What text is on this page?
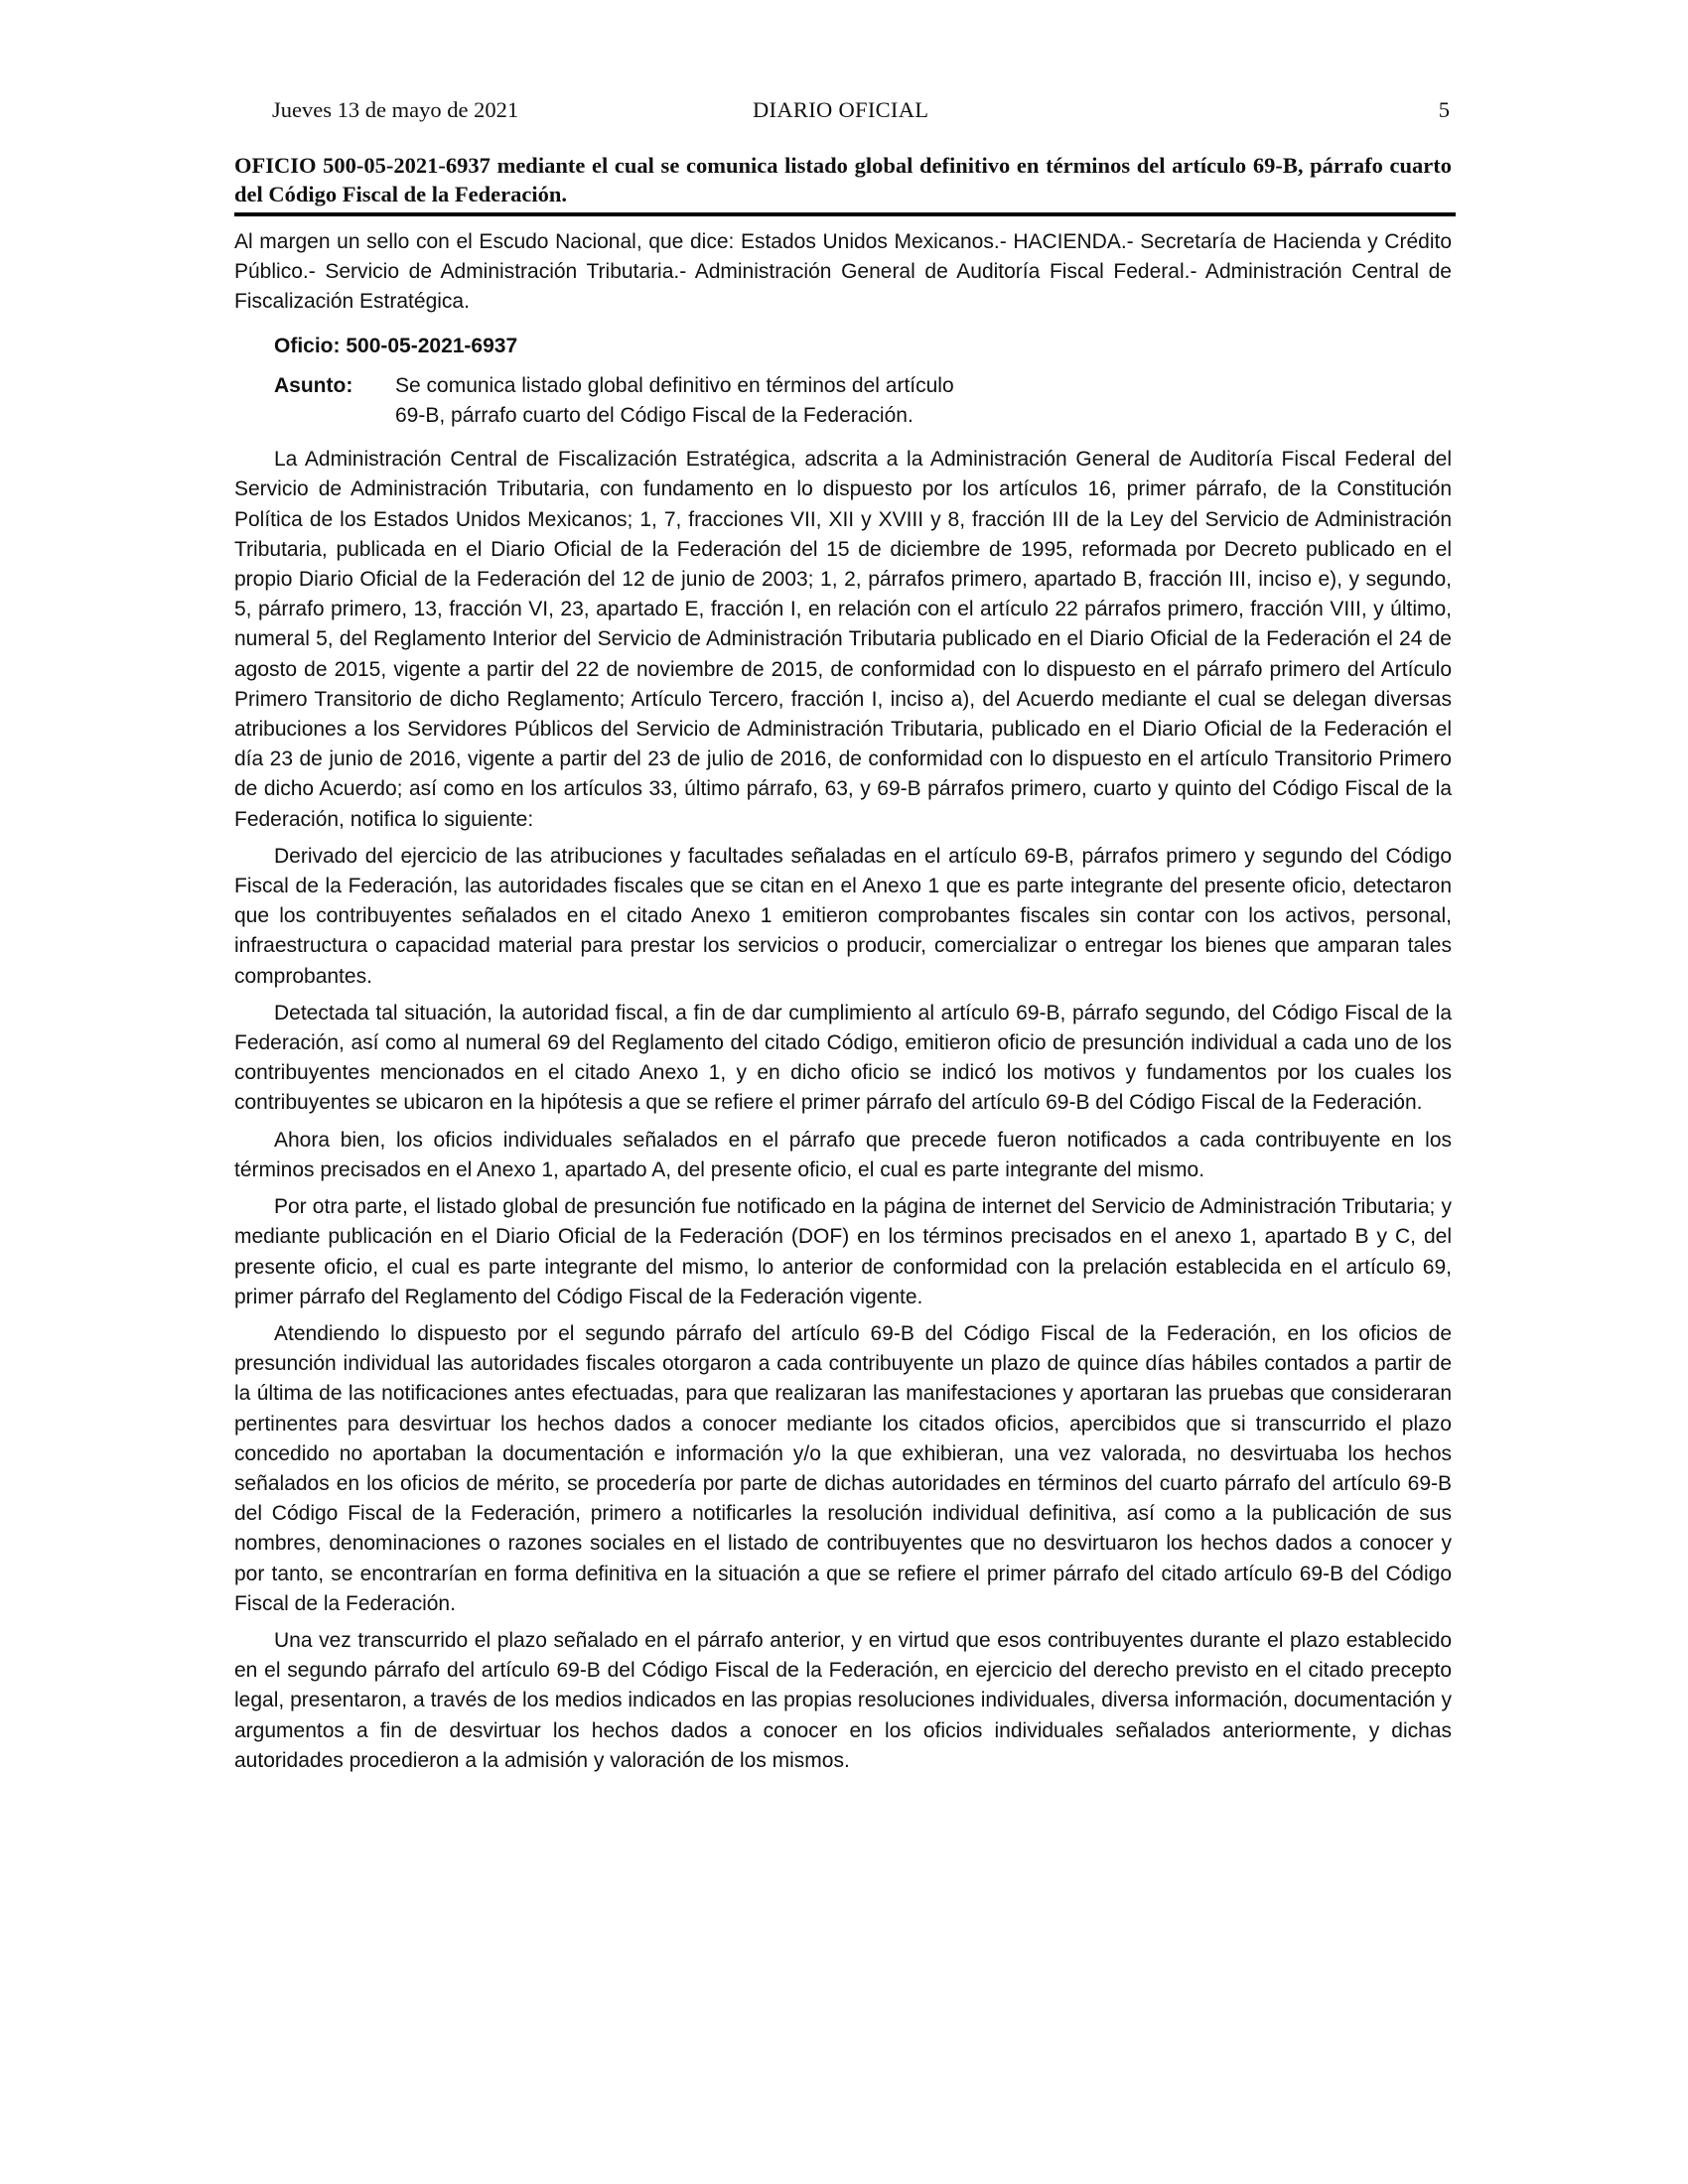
Jueves 13 de mayo de 2021	DIARIO OFICIAL	5
OFICIO 500-05-2021-6937 mediante el cual se comunica listado global definitivo en términos del artículo 69-B, párrafo cuarto del Código Fiscal de la Federación.
Al margen un sello con el Escudo Nacional, que dice: Estados Unidos Mexicanos.- HACIENDA.- Secretaría de Hacienda y Crédito Público.- Servicio de Administración Tributaria.- Administración General de Auditoría Fiscal Federal.- Administración Central de Fiscalización Estratégica.
Oficio: 500-05-2021-6937
Asunto:	Se comunica listado global definitivo en términos del artículo 69-B, párrafo cuarto del Código Fiscal de la Federación.
La Administración Central de Fiscalización Estratégica, adscrita a la Administración General de Auditoría Fiscal Federal del Servicio de Administración Tributaria, con fundamento en lo dispuesto por los artículos 16, primer párrafo, de la Constitución Política de los Estados Unidos Mexicanos; 1, 7, fracciones VII, XII y XVIII y 8, fracción III de la Ley del Servicio de Administración Tributaria, publicada en el Diario Oficial de la Federación del 15 de diciembre de 1995, reformada por Decreto publicado en el propio Diario Oficial de la Federación del 12 de junio de 2003; 1, 2, párrafos primero, apartado B, fracción III, inciso e), y segundo, 5, párrafo primero, 13, fracción VI, 23, apartado E, fracción I, en relación con el artículo 22 párrafos primero, fracción VIII, y último, numeral 5, del Reglamento Interior del Servicio de Administración Tributaria publicado en el Diario Oficial de la Federación el 24 de agosto de 2015, vigente a partir del 22 de noviembre de 2015, de conformidad con lo dispuesto en el párrafo primero del Artículo Primero Transitorio de dicho Reglamento; Artículo Tercero, fracción I, inciso a), del Acuerdo mediante el cual se delegan diversas atribuciones a los Servidores Públicos del Servicio de Administración Tributaria, publicado en el Diario Oficial de la Federación el día 23 de junio de 2016, vigente a partir del 23 de julio de 2016, de conformidad con lo dispuesto en el artículo Transitorio Primero de dicho Acuerdo; así como en los artículos 33, último párrafo, 63, y 69-B párrafos primero, cuarto y quinto del Código Fiscal de la Federación, notifica lo siguiente:
Derivado del ejercicio de las atribuciones y facultades señaladas en el artículo 69-B, párrafos primero y segundo del Código Fiscal de la Federación, las autoridades fiscales que se citan en el Anexo 1 que es parte integrante del presente oficio, detectaron que los contribuyentes señalados en el citado Anexo 1 emitieron comprobantes fiscales sin contar con los activos, personal, infraestructura o capacidad material para prestar los servicios o producir, comercializar o entregar los bienes que amparan tales comprobantes.
Detectada tal situación, la autoridad fiscal, a fin de dar cumplimiento al artículo 69-B, párrafo segundo, del Código Fiscal de la Federación, así como al numeral 69 del Reglamento del citado Código, emitieron oficio de presunción individual a cada uno de los contribuyentes mencionados en el citado Anexo 1, y en dicho oficio se indicó los motivos y fundamentos por los cuales los contribuyentes se ubicaron en la hipótesis a que se refiere el primer párrafo del artículo 69-B del Código Fiscal de la Federación.
Ahora bien, los oficios individuales señalados en el párrafo que precede fueron notificados a cada contribuyente en los términos precisados en el Anexo 1, apartado A, del presente oficio, el cual es parte integrante del mismo.
Por otra parte, el listado global de presunción fue notificado en la página de internet del Servicio de Administración Tributaria; y mediante publicación en el Diario Oficial de la Federación (DOF) en los términos precisados en el anexo 1, apartado B y C, del presente oficio, el cual es parte integrante del mismo, lo anterior de conformidad con la prelación establecida en el artículo 69, primer párrafo del Reglamento del Código Fiscal de la Federación vigente.
Atendiendo lo dispuesto por el segundo párrafo del artículo 69-B del Código Fiscal de la Federación, en los oficios de presunción individual las autoridades fiscales otorgaron a cada contribuyente un plazo de quince días hábiles contados a partir de la última de las notificaciones antes efectuadas, para que realizaran las manifestaciones y aportaran las pruebas que consideraran pertinentes para desvirtuar los hechos dados a conocer mediante los citados oficios, apercibidos que si transcurrido el plazo concedido no aportaban la documentación e información y/o la que exhibieran, una vez valorada, no desvirtuaba los hechos señalados en los oficios de mérito, se procedería por parte de dichas autoridades en términos del cuarto párrafo del artículo 69-B del Código Fiscal de la Federación, primero a notificarles la resolución individual definitiva, así como a la publicación de sus nombres, denominaciones o razones sociales en el listado de contribuyentes que no desvirtuaron los hechos dados a conocer y por tanto, se encontrarían en forma definitiva en la situación a que se refiere el primer párrafo del citado artículo 69-B del Código Fiscal de la Federación.
Una vez transcurrido el plazo señalado en el párrafo anterior, y en virtud que esos contribuyentes durante el plazo establecido en el segundo párrafo del artículo 69-B del Código Fiscal de la Federación, en ejercicio del derecho previsto en el citado precepto legal, presentaron, a través de los medios indicados en las propias resoluciones individuales, diversa información, documentación y argumentos a fin de desvirtuar los hechos dados a conocer en los oficios individuales señalados anteriormente, y dichas autoridades procedieron a la admisión y valoración de los mismos.
